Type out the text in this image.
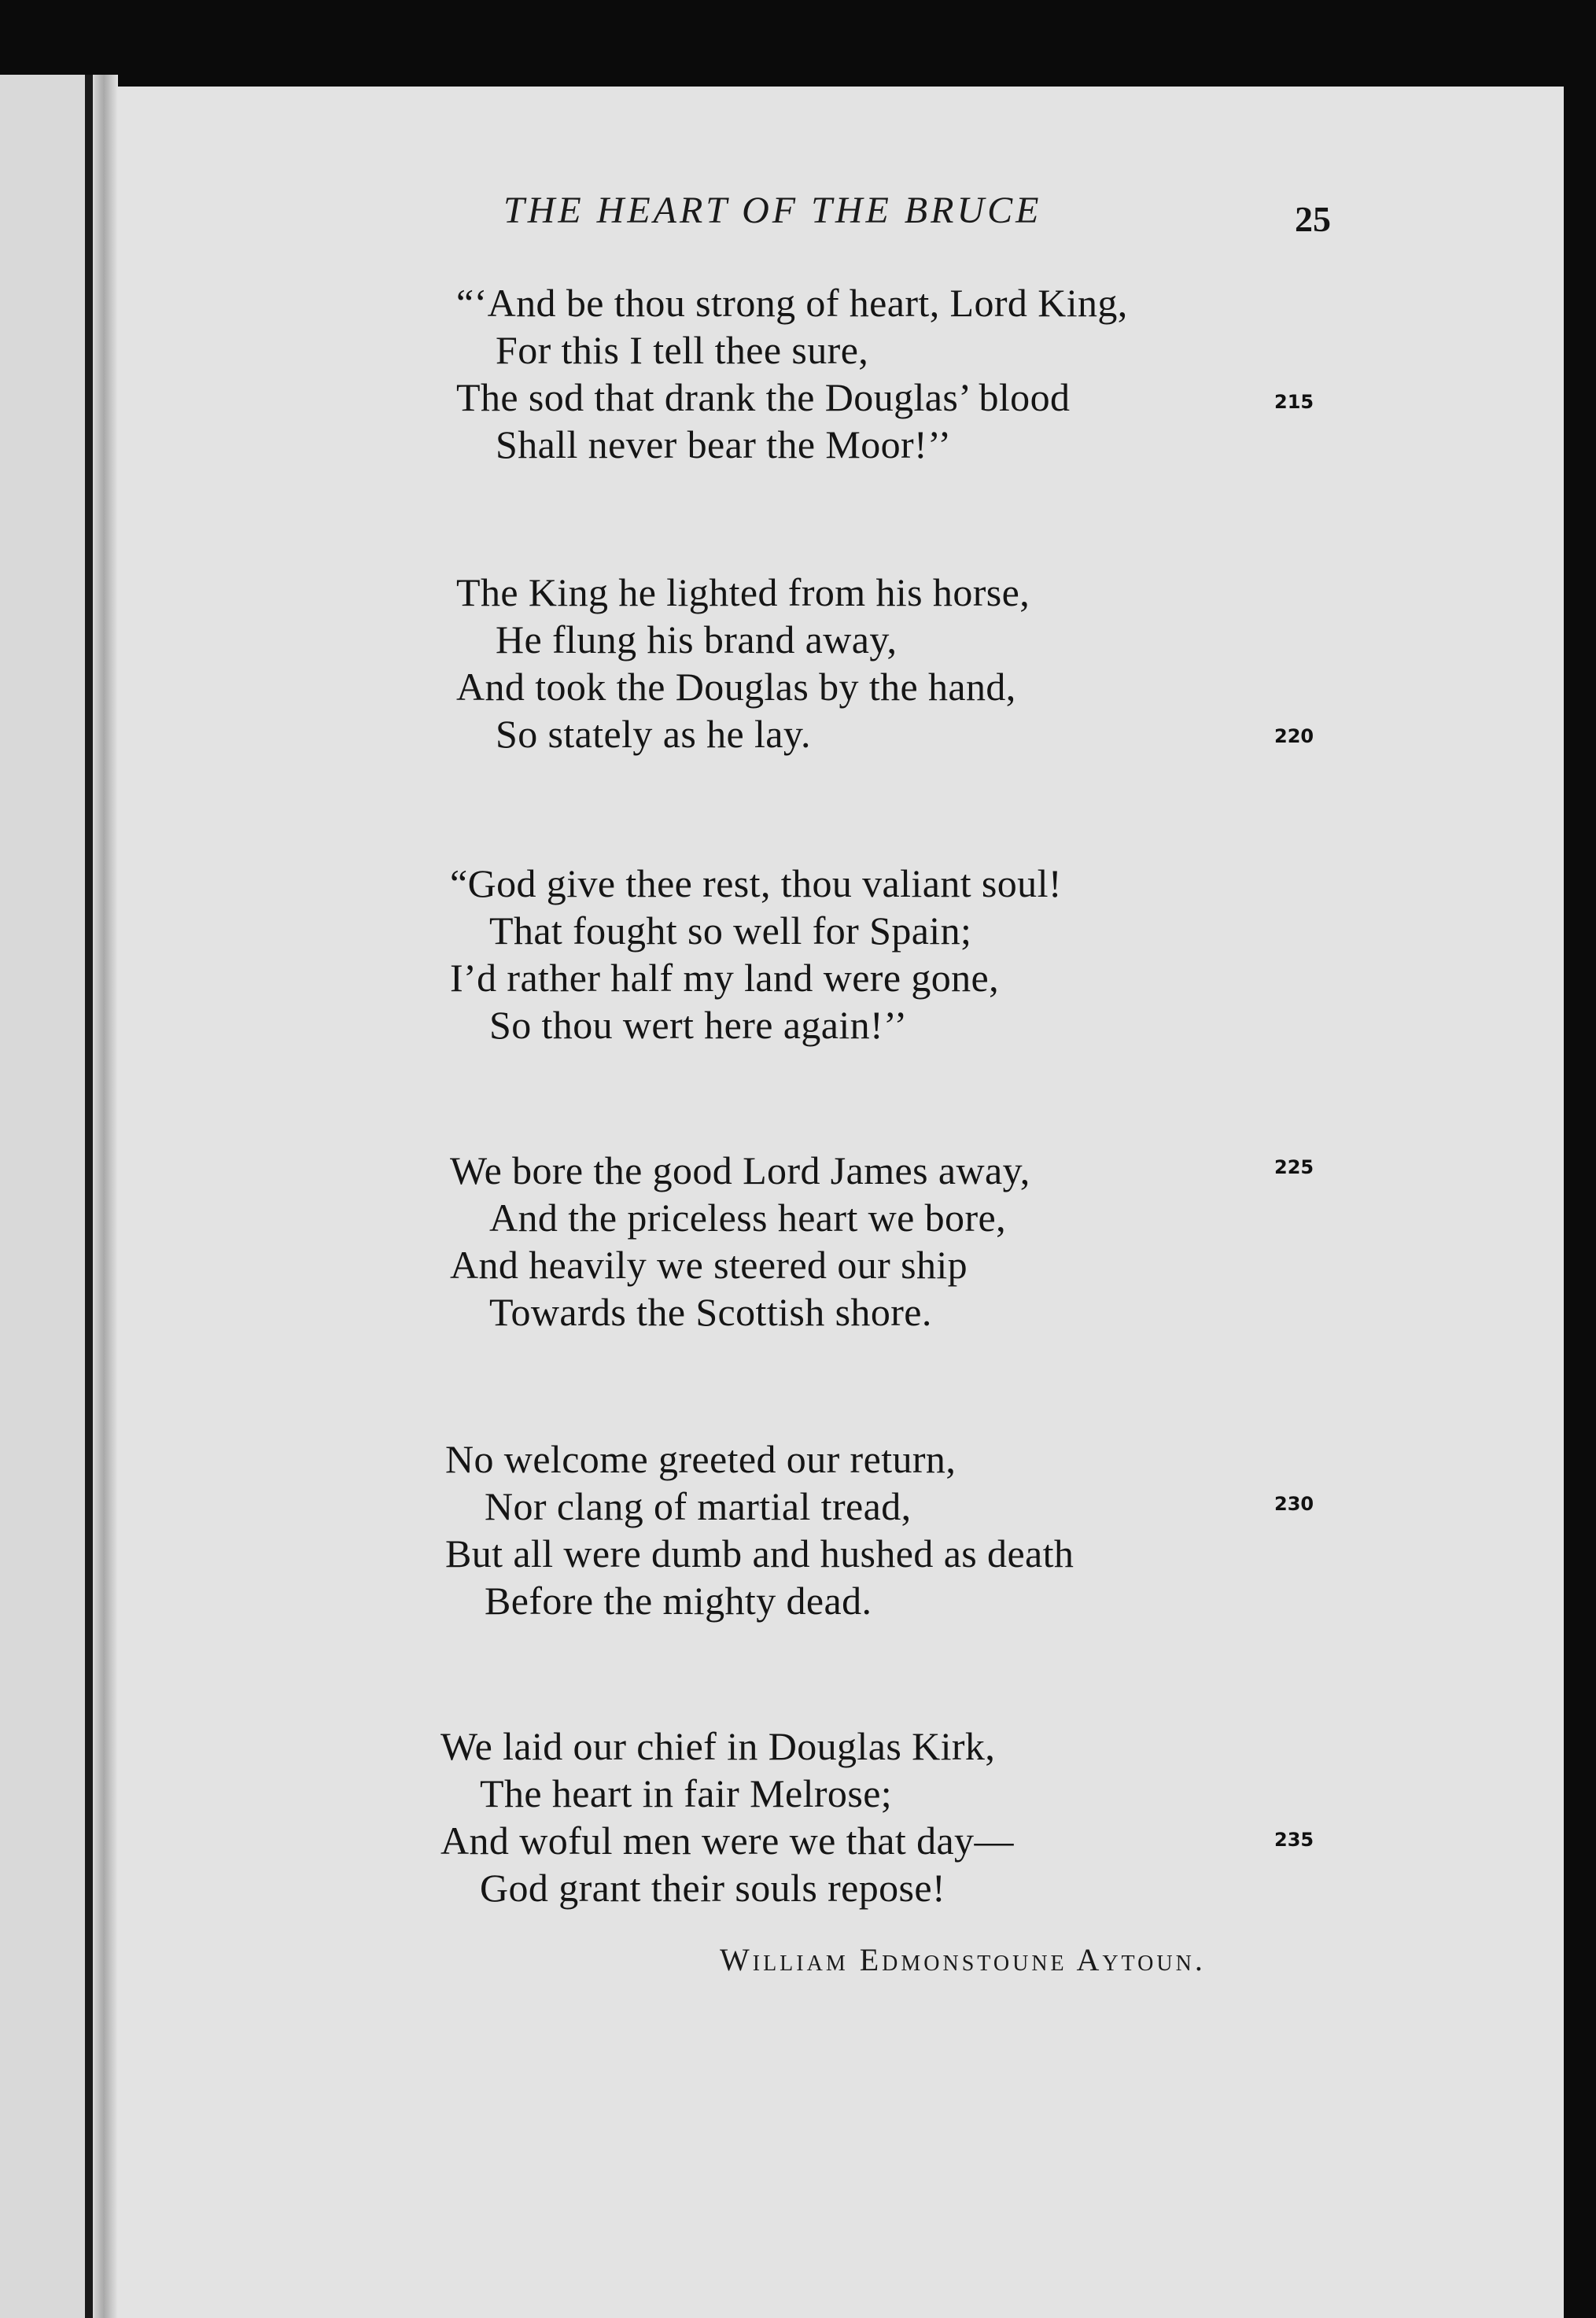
THE HEART OF THE BRUCE	25
“‘And be thou strong of heart, Lord King,
For this I tell thee sure,
The sod that drank the Douglas’ blood
Shall never bear the Moor!’’
215
The King he lighted from his horse,
He flung his brand away,
And took the Douglas by the hand,
So stately as he lay.	220
“God give thee rest, thou valiant soul!
That fought so well for Spain;
I’d rather half my land were gone,
So thou wert here again!’’
We bore the good Lord James away,
And the priceless heart we bore,
And heavily we steered our ship
Towards the Scottish shore.
225
No welcome greeted our return,
Nor clang of martial tread,
But all were dumb and hushed as death
Before the mighty dead.
230
We laid our chief in Douglas Kirk,
The heart in fair Melrose;
And woful men were we that day—
God grant their souls repose!
235
William Edmonstoune Aytoun.
